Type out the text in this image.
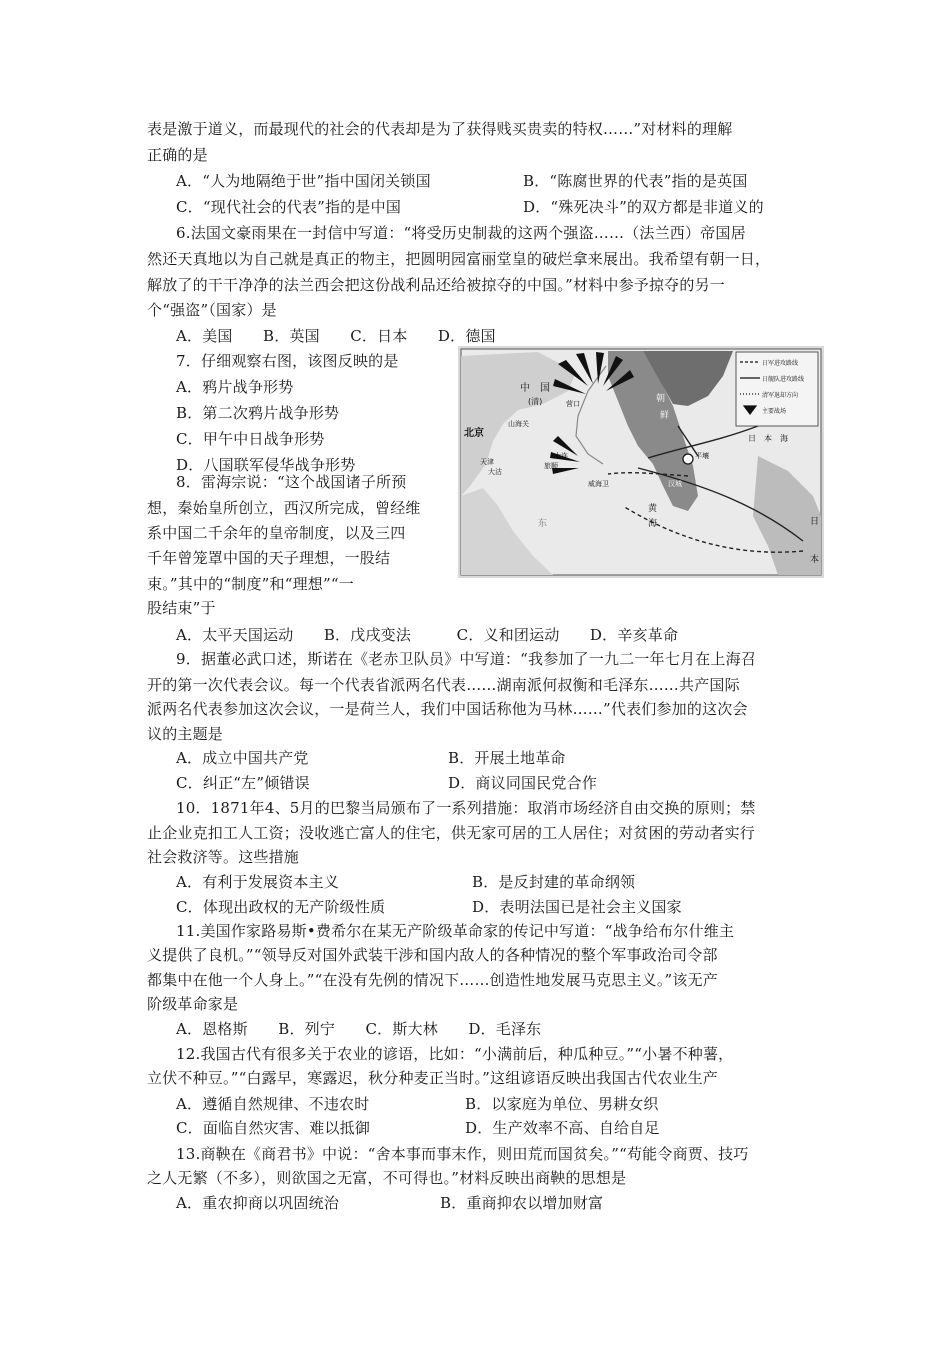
表是激于道义，而最现代的社会的代表却是为了获得贱买贵卖的特权……”对材料的理解
正确的是
A．“人为地隔绝于世”指中国闭关锁国	B．“陈腐世界的代表”指的是英国
C．“现代社会的代表”指的是中国	D．“殊死决斗”的双方都是非道义的
6.法国文豪雨果在一封信中写道：“将受历史制裁的这两个强盗……（法兰西）帝国居
然还天真地以为自己就是真正的物主，把圆明园富丽堂皇的破烂拿来展出。我希望有朝一日，
解放了的干干净净的法兰西会把这份战利品还给被掠夺的中国。”材料中参予掠夺的另一
个“强盗”（国家）是
A．美国　　B．英国　　C．日本　　D．德国
7．仔细观察右图，该图反映的是
A．鸦片战争形势
B．第二次鸦片战争形势
C．甲午中日战争形势
D．八国联军侵华战争形势
日军进攻路线
日舰队进攻路线
清军退却方向
主要战场
中　国
(清)
北京
山海关
天津
大沽
营口
大连
旅顺
威海卫
朝
鲜
平壤
汉城
黄
海
东
日　本　海
日
本
8．雷海宗说：“这个战国诸子所预
想，秦始皇所创立，西汉所完成，曾经维
系中国二千余年的皇帝制度，以及三四
千年曾笼罩中国的天子理想，一股结
束。”其中的“制度”和“理想”“一
股结束”于
A．太平天国运动　　B．戊戌变法　　　C．义和团运动　　D．辛亥革命
9．据董必武口述，斯诺在《老赤卫队员》中写道：“我参加了一九二一年七月在上海召
开的第一次代表会议。每一个代表省派两名代表……湖南派何叔衡和毛泽东……共产国际
派两名代表参加这次会议，一是荷兰人，我们中国话称他为马林……”代表们参加的这次会
议的主题是
A．成立中国共产党	B．开展土地革命
C．纠正“左”倾错误	D．商议同国民党合作
10．1871年4、5月的巴黎当局颁布了一系列措施：取消市场经济自由交换的原则；禁
止企业克扣工人工资；没收逃亡富人的住宅，供无家可居的工人居住；对贫困的劳动者实行
社会救济等。这些措施
A．有利于发展资本主义	B．是反封建的革命纲领
C．体现出政权的无产阶级性质	D．表明法国已是社会主义国家
11.美国作家路易斯•费希尔在某无产阶级革命家的传记中写道：“战争给布尔什维主
义提供了良机。”“领导反对国外武装干涉和国内敌人的各种情况的整个军事政治司令部
都集中在他一个人身上。”“在没有先例的情况下……创造性地发展马克思主义。”该无产
阶级革命家是
A．恩格斯　　B．列宁　　C．斯大林　　D．毛泽东
12.我国古代有很多关于农业的谚语，比如：“小满前后，种瓜种豆。”“小暑不种薯，
立伏不种豆。”“白露早，寒露迟，秋分种麦正当时。”这组谚语反映出我国古代农业生产
A．遵循自然规律、不违农时	B．以家庭为单位、男耕女织
C．面临自然灾害、难以抵御	D．生产效率不高、自给自足
13.商鞅在《商君书》中说：“舍本事而事末作，则田荒而国贫矣。”“苟能令商贾、技巧
之人无繁（不多），则欲国之无富，不可得也。”材料反映出商鞅的思想是
A．重农抑商以巩固统治	B．重商抑农以增加财富
